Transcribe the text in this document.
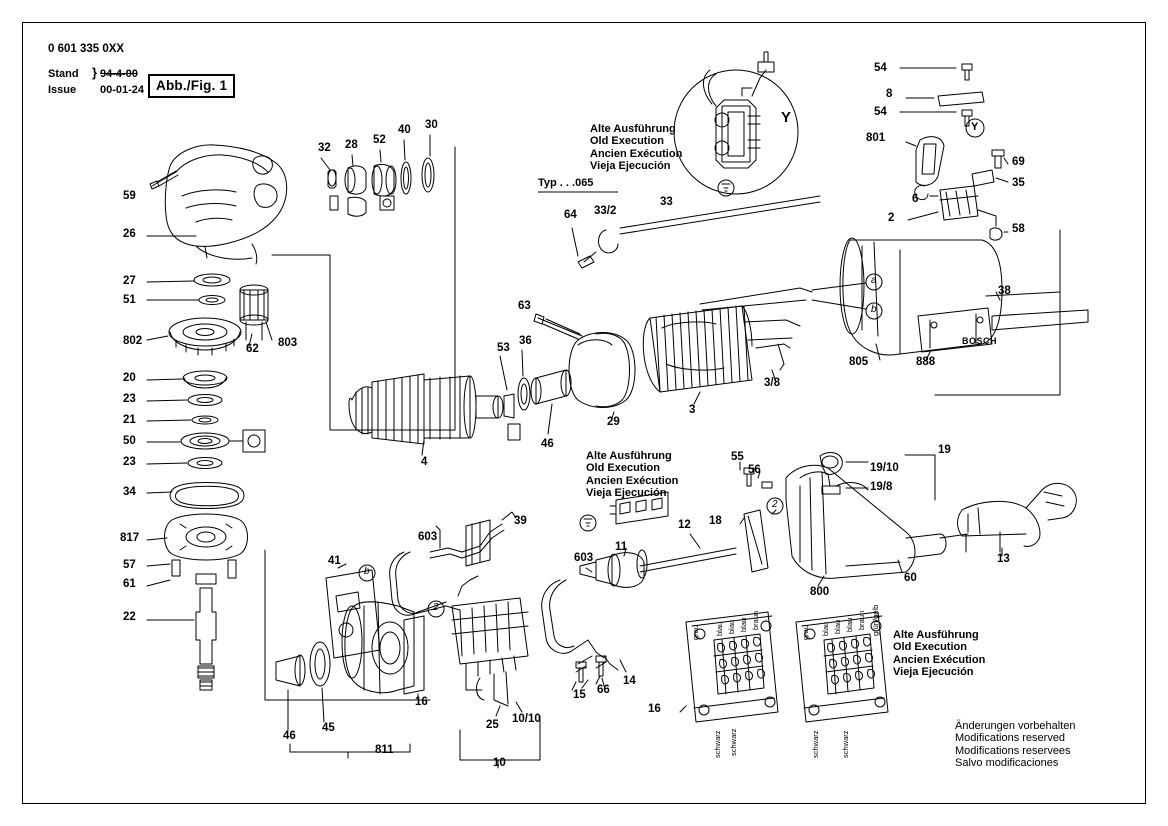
0 601 335 0XX
Stand
Issue
} 94-4-00
00-01-24 Abb./Fig. 1
Alte Ausführung
Old Execution
Ancien Exécution
Vieja Ejecución
Typ . . .065
Alte Ausführung
Old Execution
Ancien Exécution
Vieja Ejecución
Alte Ausführung
Old Execution
Ancien Exécution
Vieja Ejecución
Änderungen vorbehalten
Modifications reserved
Modifications reservees
Salvo modificaciones
BOSCH
59
26
27
51
802
20
23
21
50
23
34
817
57
61
22
32 28 52
40 30
62 803	53
36
63
46
4
29
3
3/8
64 33/2
33
805	888
38
54
8
54
801
69
35
6
2
58
19
19/10
19/8
55
56
12 18
11
603
603
39
41
800
60
13
14
15 66
16
16
25 10/10
10
811
46
45
Y
Y
a
b
b
2
2
grau blau blau blau braun
schwarz schwarz
grau blau blau blau braun grün/gelb
schwarz	schwarz
